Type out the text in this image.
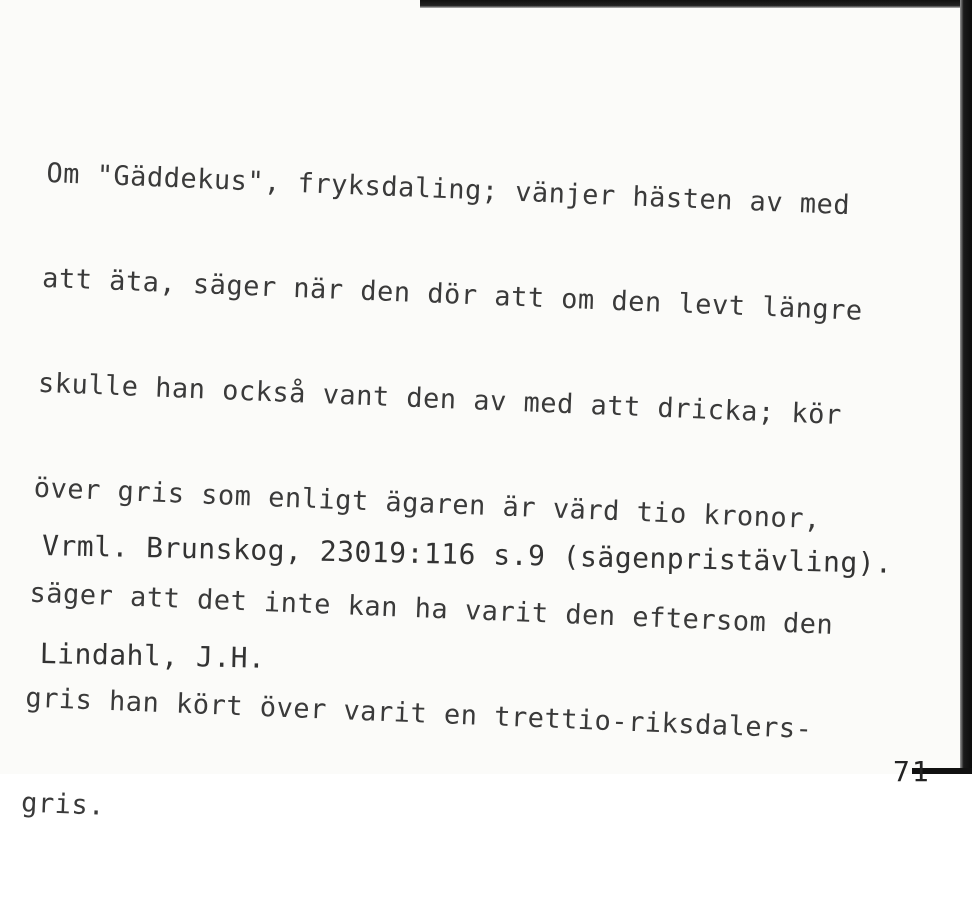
Om "Gäddekus", fryksdaling; vänjer hästen av med

att äta, säger när den dör att om den levt längre

skulle han också vant den av med att dricka; kör

över gris som enligt ägaren är värd tio kronor,

säger att det inte kan ha varit den eftersom den

gris han kört över varit en trettio-riksdalers-

gris.

Vrml. Brunskog, 23019:116 s.9 (sägenpristävling).

Lindahl, J.H.

71
